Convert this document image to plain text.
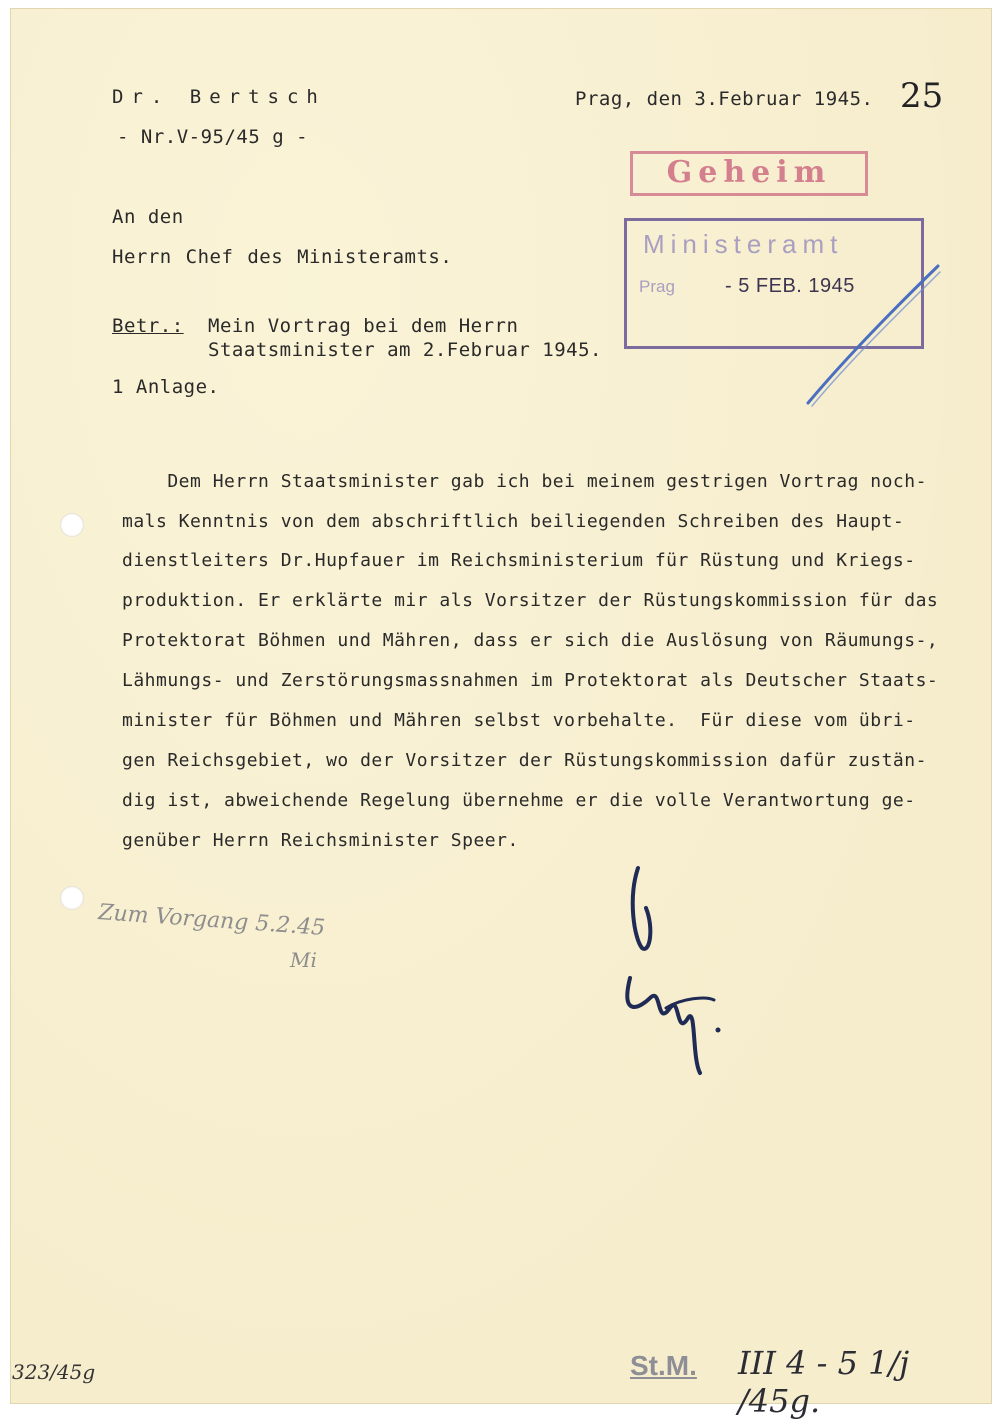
Dr. Bertsch
- Nr.V-95/45 g -
Prag, den 3.Februar 1945. 25
Geheim
Ministeramt
Prag	- 5 FEB. 1945
An den
Herrn Chef des Ministeramts.
Betr.: Mein Vortrag bei dem Herrn
Staatsminister am 2.Februar 1945.
1 Anlage.
Dem Herrn Staatsminister gab ich bei meinem gestrigen Vortrag noch-
mals Kenntnis von dem abschriftlich beiliegenden Schreiben des Haupt-
dienstleiters Dr.Hupfauer im Reichsministerium für Rüstung und Kriegs-
produktion. Er erklärte mir als Vorsitzer der Rüstungskommission für das
Protektorat Böhmen und Mähren, dass er sich die Auslösung von Räumungs-,
Lähmungs- und Zerstörungsmassnahmen im Protektorat als Deutscher Staats-
minister für Böhmen und Mähren selbst vorbehalte.  Für diese vom übri-
gen Reichsgebiet, wo der Vorsitzer der Rüstungskommission dafür zustän-
dig ist, abweichende Regelung übernehme er die volle Verantwortung ge-
genüber Herrn Reichsminister Speer.
Zum Vorgang 5.2.45
Mi
323/45g	St.M. III 4 - 5 1/j /45g.
